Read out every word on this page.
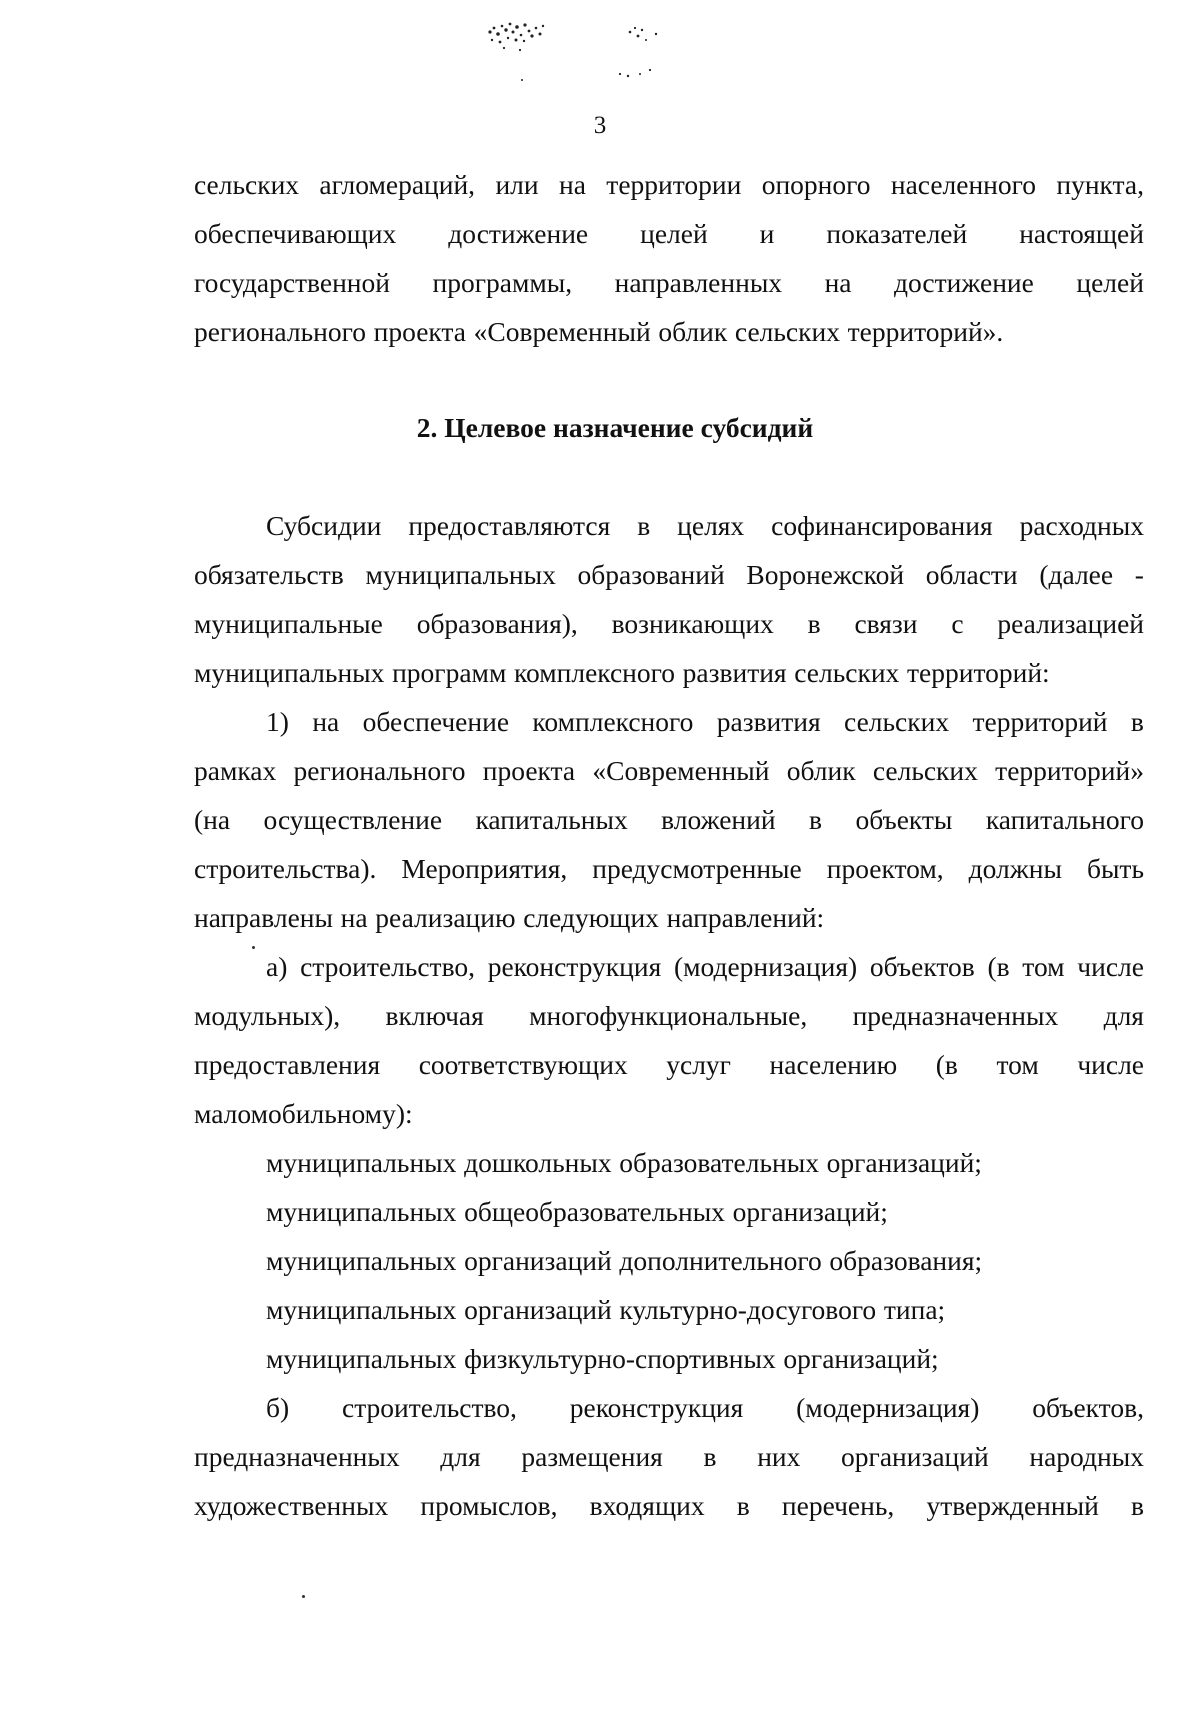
3
2. Целевое назначение субсидий
сельских агломераций, или на территории опорного населенного пункта,
обеспечивающих достижение целей и показателей настоящей
государственной программы, направленных на достижение целей
регионального проекта «Современный облик сельских территорий».
Субсидии предоставляются в целях софинансирования расходных
обязательств муниципальных образований Воронежской области (далее -
муниципальные образования), возникающих в связи с реализацией
муниципальных программ комплексного развития сельских территорий:
1) на обеспечение комплексного развития сельских территорий в
рамках регионального проекта «Современный облик сельских территорий»
(на осуществление капитальных вложений в объекты капитального
строительства). Мероприятия, предусмотренные проектом, должны быть
направлены на реализацию следующих направлений:
а) строительство, реконструкция (модернизация) объектов (в том числе
модульных), включая многофункциональные, предназначенных для
предоставления соответствующих услуг населению (в том числе
маломобильному):
муниципальных дошкольных образовательных организаций;
муниципальных общеобразовательных организаций;
муниципальных организаций дополнительного образования;
муниципальных организаций культурно-досугового типа;
муниципальных физкультурно-спортивных организаций;
б) строительство, реконструкция (модернизация) объектов,
предназначенных для размещения в них организаций народных
художественных промыслов, входящих в перечень, утвержденный в
